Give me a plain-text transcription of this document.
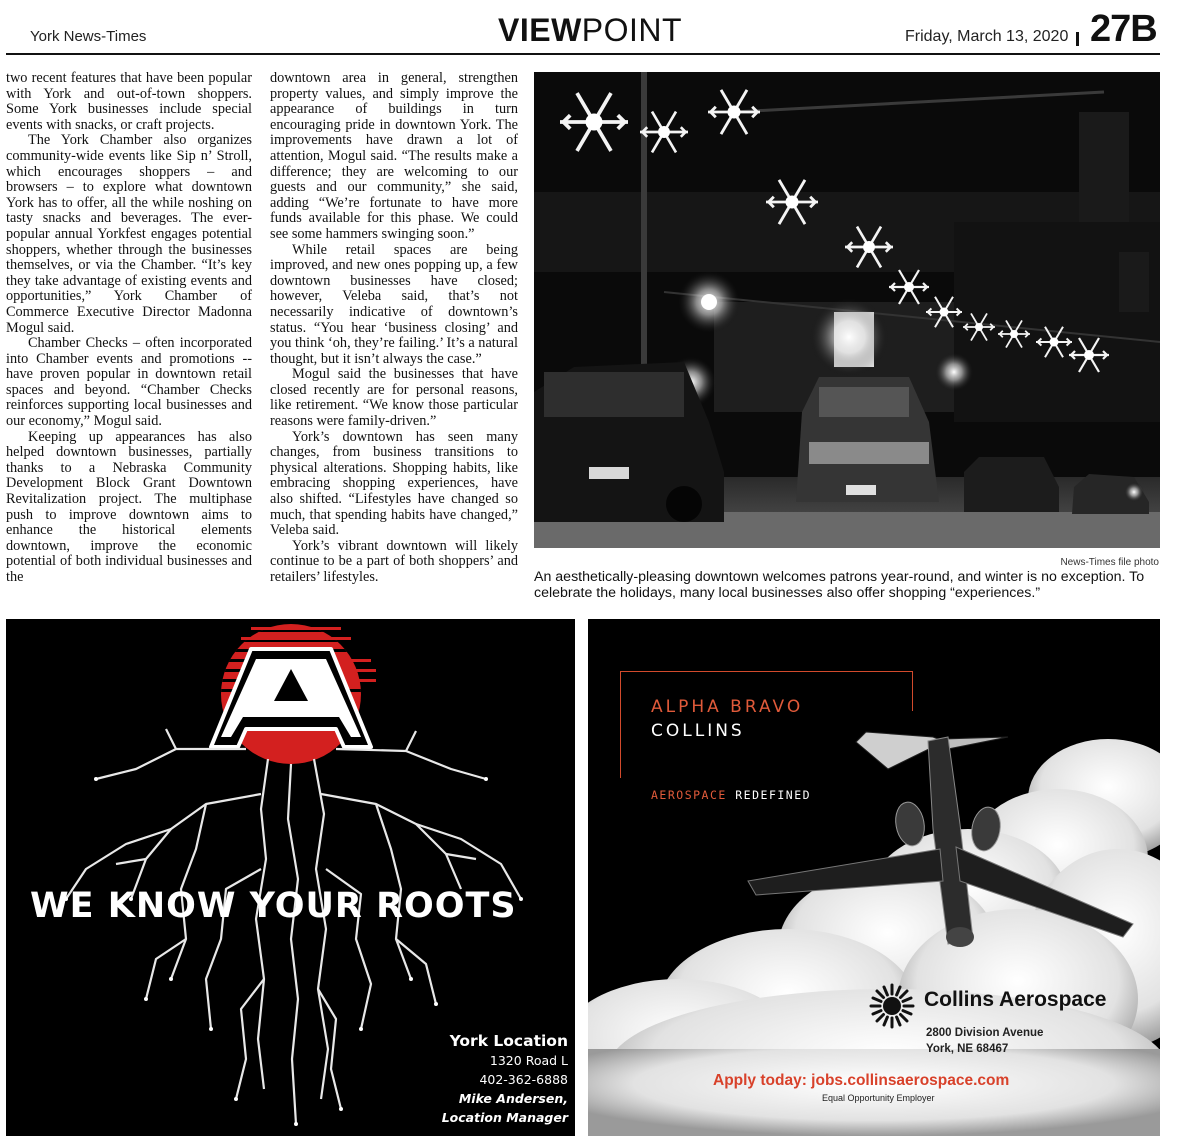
York News-Times	VIEWPOINT	Friday, March 13, 2020 27B

two recent features that have been popular with York and out-of-town shoppers. Some York businesses include special events with snacks, or craft projects.

The York Chamber also organizes community-wide events like Sip n’ Stroll, which encourages shoppers – and browsers – to explore what downtown York has to offer, all the while noshing on tasty snacks and beverages. The ever-popular annual Yorkfest engages potential shoppers, whether through the businesses themselves, or via the Chamber. “It’s key they take advantage of existing events and opportunities,” York Chamber of Commerce Executive Director Madonna Mogul said.

Chamber Checks – often incorporated into Chamber events and promotions -- have proven popular in downtown retail spaces and beyond. “Chamber Checks reinforces supporting local businesses and our economy,” Mogul said.

Keeping up appearances has also helped downtown businesses, partially thanks to a Nebraska Community Development Block Grant Downtown Revitalization project. The multiphase push to improve downtown aims to enhance the historical elements downtown, improve the economic potential of both individual businesses and the

downtown area in general, strengthen property values, and simply improve the appearance of buildings in turn encouraging pride in downtown York. The improvements have drawn a lot of attention, Mogul said. “The results make a difference; they are welcoming to our guests and our community,” she said, adding “We’re fortunate to have more funds available for this phase. We could see some hammers swinging soon.”

While retail spaces are being improved, and new ones popping up, a few downtown businesses have closed; however, Veleba said, that’s not necessarily indicative of downtown’s status. “You hear ‘business closing’ and you think ‘oh, they’re failing.’ It’s a natural thought, but it isn’t always the case.”

Mogul said the businesses that have closed recently are for personal reasons, like retirement. “We know those particular reasons were family-driven.”

York’s downtown has seen many changes, from business transitions to physical alterations. Shopping habits, like embracing shopping experiences, have also shifted. “Lifestyles have changed so much, that spending habits have changed,” Veleba said.

York’s vibrant downtown will likely continue to be a part of both shoppers’ and retailers’ lifestyles.

News-Times file photo
An aesthetically-pleasing downtown welcomes patrons year-round, and winter is no exception. To celebrate the holidays, many local businesses also offer shopping “experiences.”
WE KNOW YOUR ROOTS
York Location
1320 Road L
402-362-6888
Mike Andersen,
Location Manager
ALPHA BRAVO
COLLINS
AEROSPACE REDEFINED
Collins Aerospace
2800 Division Avenue
York, NE 68467
Apply today: jobs.collinsaerospace.com
Equal Opportunity Employer
